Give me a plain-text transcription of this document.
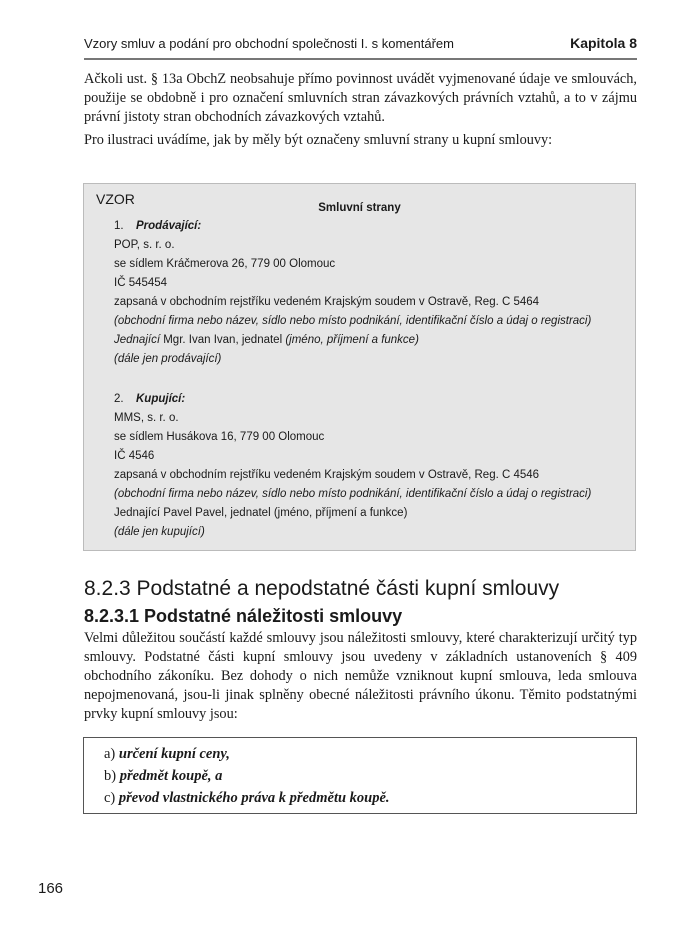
Vzory smluv a podání pro obchodní společnosti I. s komentářem	Kapitola 8
Ačkoli ust. § 13a ObchZ neobsahuje přímo povinnost uvádět vyjmenované údaje ve smlouvách, použije se obdobně i pro označení smluvních stran závazkových právních vztahů, a to v zájmu právní jistoty stran obchodních závazkových vztahů.
Pro ilustraci uvádíme, jak by měly být označeny smluvní strany u kupní smlouvy:
VZOR
Smluvní strany
1. Prodávající:
POP, s. r. o.
se sídlem Kráčmerova 26, 779 00 Olomouc
IČ 545454
zapsaná v obchodním rejstříku vedeném Krajským soudem v Ostravě, Reg. C 5464
(obchodní firma nebo název, sídlo nebo místo podnikání, identifikační číslo a údaj o registraci)
Jednající Mgr. Ivan Ivan, jednatel (jméno, příjmení a funkce)
(dále jen prodávající)
2. Kupující:
MMS, s. r. o.
se sídlem Husákova 16, 779 00 Olomouc
IČ 4546
zapsaná v obchodním rejstříku vedeném Krajským soudem v Ostravě, Reg. C 4546
(obchodní firma nebo název, sídlo nebo místo podnikání, identifikační číslo a údaj o registraci)
Jednající Pavel Pavel, jednatel (jméno, příjmení a funkce)
(dále jen kupující)
8.2.3 Podstatné a nepodstatné části kupní smlouvy
8.2.3.1 Podstatné náležitosti smlouvy
Velmi důležitou součástí každé smlouvy jsou náležitosti smlouvy, které charakterizují určitý typ smlouvy. Podstatné části kupní smlouvy jsou uvedeny v základních ustanoveních § 409 obchodního zákoníku. Bez dohody o nich nemůže vzniknout kupní smlouva, leda smlouva nepojmenovaná, jsou-li jinak splněny obecné náležitosti právního úkonu. Těmito podstatnými prvky kupní smlouvy jsou:
a) určení kupní ceny,
b) předmět koupě, a
c) převod vlastnického práva k předmětu koupě.
166
